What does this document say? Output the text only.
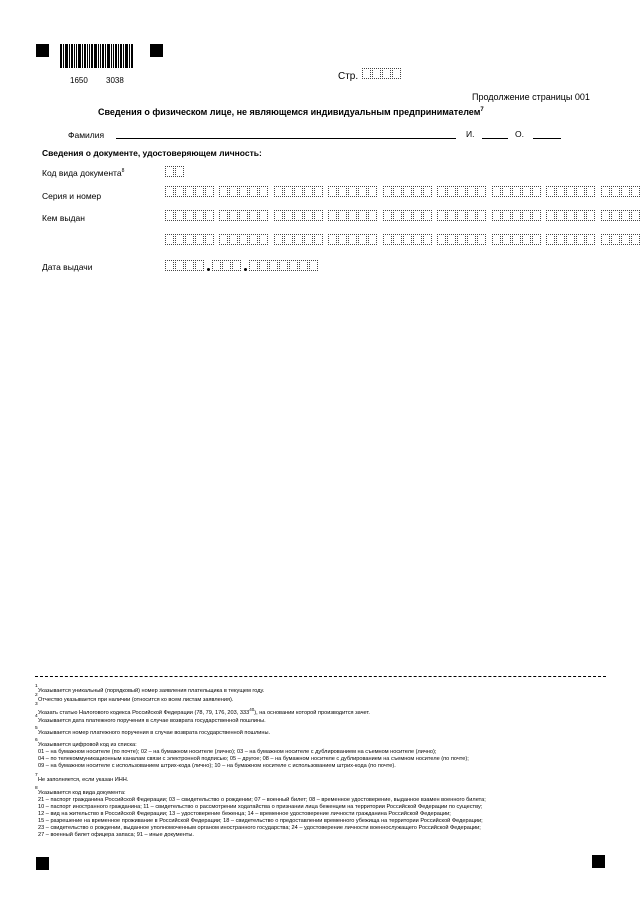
1650 3038	Стр.
Продолжение страницы 001
Сведения о физическом лице, не являющемся индивидуальным предпринимателем$^7$
Фамилия	И.	О.
Сведения о документе, удостоверяющем личность:
Код вида документа$^8$
Серия и номер

Кем выдан

Дата выдачи
1
Указывается уникальный (порядковый) номер заявления плательщика в текущем году.
2
Отчество указывается при наличии (относится ко всем листам заявления).
3
Указать статью Налогового кодекса Российской Федерации (78, 79, 176, 203, $333^{40}$), на основании которой производится зачет.
4
Указывается дата платежного поручения в случае возврата государственной пошлины.
5
Указывается номер платежного поручения в случае возврата государственной пошлины.
6
Указывается цифровой код из списка:
01 – на бумажном носителе (по почте); 02 – на бумажном носителе (лично); 03 – на бумажном носителе с дублированием на съемном носителе (лично);
04 – по телекоммуникационным каналам связи с электронной подписью; 05 – другое; 08 – на бумажном носителе с дублированием на съемном носителе (по почте);
09 – на бумажном носителе с использованием штрих-кода (лично); 10 – на бумажном носителе с использованием штрих-кода (по почте).
7
Не заполняется, если указан ИНН.
8
Указывается код вида документа:
21 – паспорт гражданина Российской Федерации; 03 – свидетельство о рождении; 07 – военный билет; 08 – временное удостоверение, выданное взамен военного билета;
10 – паспорт иностранного гражданина; 11 – свидетельство о рассмотрении ходатайства о признании лица беженцем на территории Российской Федерации по существу;
12 – вид на жительство в Российской Федерации; 13 – удостоверение беженца; 14 – временное удостоверение личности гражданина Российской Федерации;
15 – разрешение на временное проживание в Российской Федерации; 18 – свидетельство о предоставлении временного убежища на территории Российской Федерации;
23 – свидетельство о рождении, выданное уполномоченным органом иностранного государства; 24 – удостоверение личности военнослужащего Российской Федерации;
27 – военный билет офицера запаса; 91 – иные документы.
